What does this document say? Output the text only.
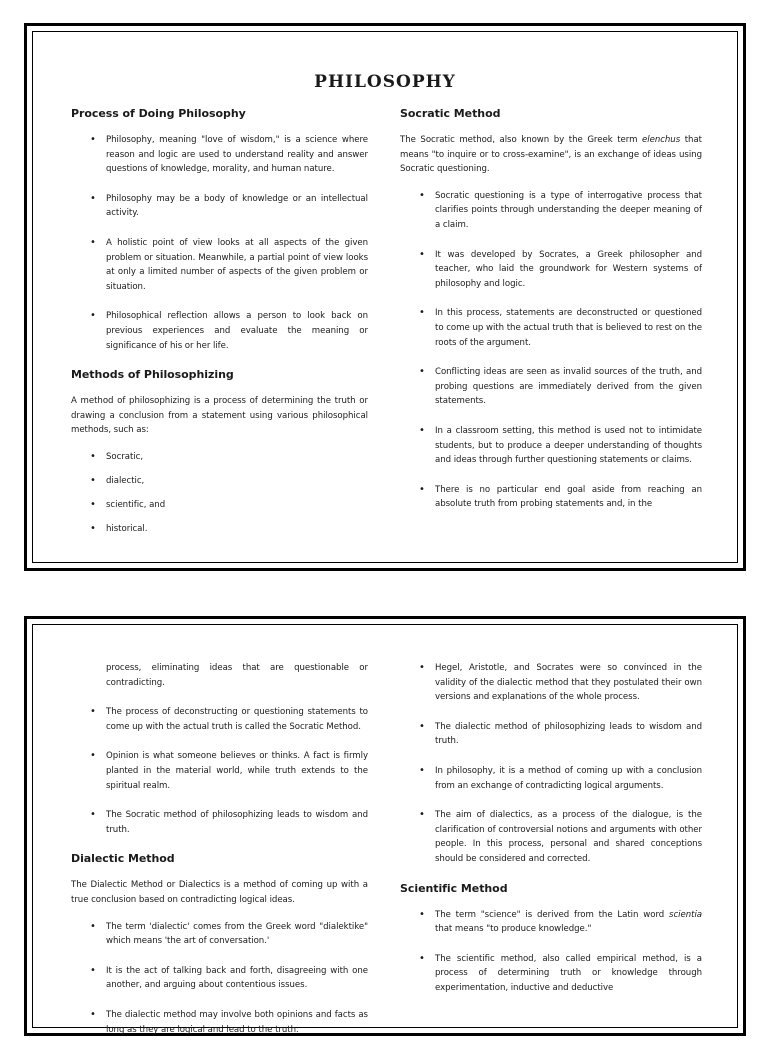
PHILOSOPHY
Process of Doing Philosophy
• Philosophy, meaning "love of wisdom," is a science where reason and logic are used to understand reality and answer questions of knowledge, morality, and human nature.
• Philosophy may be a body of knowledge or an intellectual activity.
• A holistic point of view looks at all aspects of the given problem or situation. Meanwhile, a partial point of view looks at only a limited number of aspects of the given problem or situation.
• Philosophical reflection allows a person to look back on previous experiences and evaluate the meaning or significance of his or her life.
Methods of Philosophizing

A method of philosophizing is a process of determining the truth or drawing a conclusion from a statement using various philosophical methods, such as:

• Socratic,
• dialectic,
• scientific, and
• historical.
Socratic Method

The Socratic method, also known by the Greek term elenchus that means "to inquire or to cross-examine", is an exchange of ideas using Socratic questioning.

• Socratic questioning is a type of interrogative process that clarifies points through understanding the deeper meaning of a claim.
• It was developed by Socrates, a Greek philosopher and teacher, who laid the groundwork for Western systems of philosophy and logic.
• In this process, statements are deconstructed or questioned to come up with the actual truth that is believed to rest on the roots of the argument.
• Conflicting ideas are seen as invalid sources of the truth, and probing questions are immediately derived from the given statements.
• In a classroom setting, this method is used not to intimidate students, but to produce a deeper understanding of thoughts and ideas through further questioning statements or claims.
• There is no particular end goal aside from reaching an absolute truth from probing statements and, in the
process, eliminating ideas that are questionable or contradicting.
• The process of deconstructing or questioning statements to come up with the actual truth is called the Socratic Method.
• Opinion is what someone believes or thinks. A fact is firmly planted in the material world, while truth extends to the spiritual realm.
• The Socratic method of philosophizing leads to wisdom and truth.
Dialectic Method

The Dialectic Method or Dialectics is a method of coming up with a true conclusion based on contradicting logical ideas.

• The term 'dialectic' comes from the Greek word "dialektike" which means 'the art of conversation.'
• It is the act of talking back and forth, disagreeing with one another, and arguing about contentious issues.
• The dialectic method may involve both opinions and facts as long as they are logical and lead to the truth.
• Hegel, Aristotle, and Socrates were so convinced in the validity of the dialectic method that they postulated their own versions and explanations of the whole process.
• The dialectic method of philosophizing leads to wisdom and truth.
• In philosophy, it is a method of coming up with a conclusion from an exchange of contradicting logical arguments.
• The aim of dialectics, as a process of the dialogue, is the clarification of controversial notions and arguments with other people. In this process, personal and shared conceptions should be considered and corrected.
Scientific Method
• The term "science" is derived from the Latin word scientia that means "to produce knowledge."
• The scientific method, also called empirical method, is a process of determining truth or knowledge through experimentation, inductive and deductive
